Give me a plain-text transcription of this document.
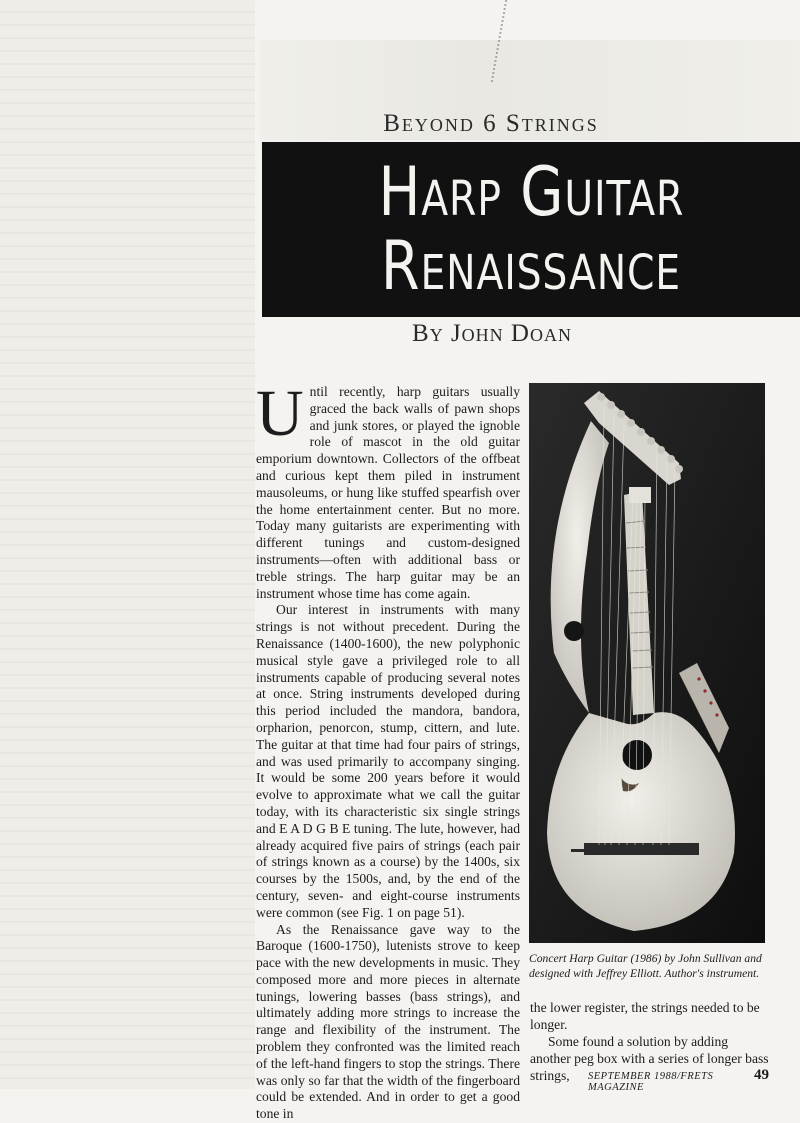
Beyond 6 Strings
Harp Guitar
Renaissance
By John Doan

Until recently, harp guitars usually graced the back walls of pawn shops and junk stores, or played the ignoble role of mascot in the old guitar emporium downtown. Collectors of the offbeat and curious kept them piled in instrument mausoleums, or hung like stuffed spearfish over the home entertainment center. But no more. Today many guitarists are experimenting with different tunings and custom-designed instruments—often with additional bass or treble strings. The harp guitar may be an instrument whose time has come again.

Our interest in instruments with many strings is not without precedent. During the Renaissance (1400-1600), the new polyphonic musical style gave a privileged role to all instruments capable of producing several notes at once. String instruments developed during this period included the mandora, bandora, orpharion, penorcon, stump, cittern, and lute. The guitar at that time had four pairs of strings, and was used primarily to accompany singing. It would be some 200 years before it would evolve to approximate what we call the guitar today, with its characteristic six single strings and E A D G B E tuning. The lute, however, had already acquired five pairs of strings (each pair of strings known as a course) by the 1400s, six courses by the 1500s, and, by the end of the century, seven- and eight-course instruments were common (see Fig. 1 on page 51).

As the Renaissance gave way to the Baroque (1600-1750), lutenists strove to keep pace with the new developments in music. They composed more and more pieces in alternate tunings, lowering basses (bass strings), and ultimately adding more strings to increase the range and flexibility of the instrument. The problem they confronted was the limited reach of the left-hand fingers to stop the strings. There was only so far that the width of the fingerboard could be extended. And in order to get a good tone in

Concert Harp Guitar (1986) by John Sullivan and designed with Jeffrey Elliott. Author's instrument.

the lower register, the strings needed to be longer.

Some found a solution by adding another peg box with a series of longer bass strings,	SEPTEMBER 1988/FRETS MAGAZINE
49
